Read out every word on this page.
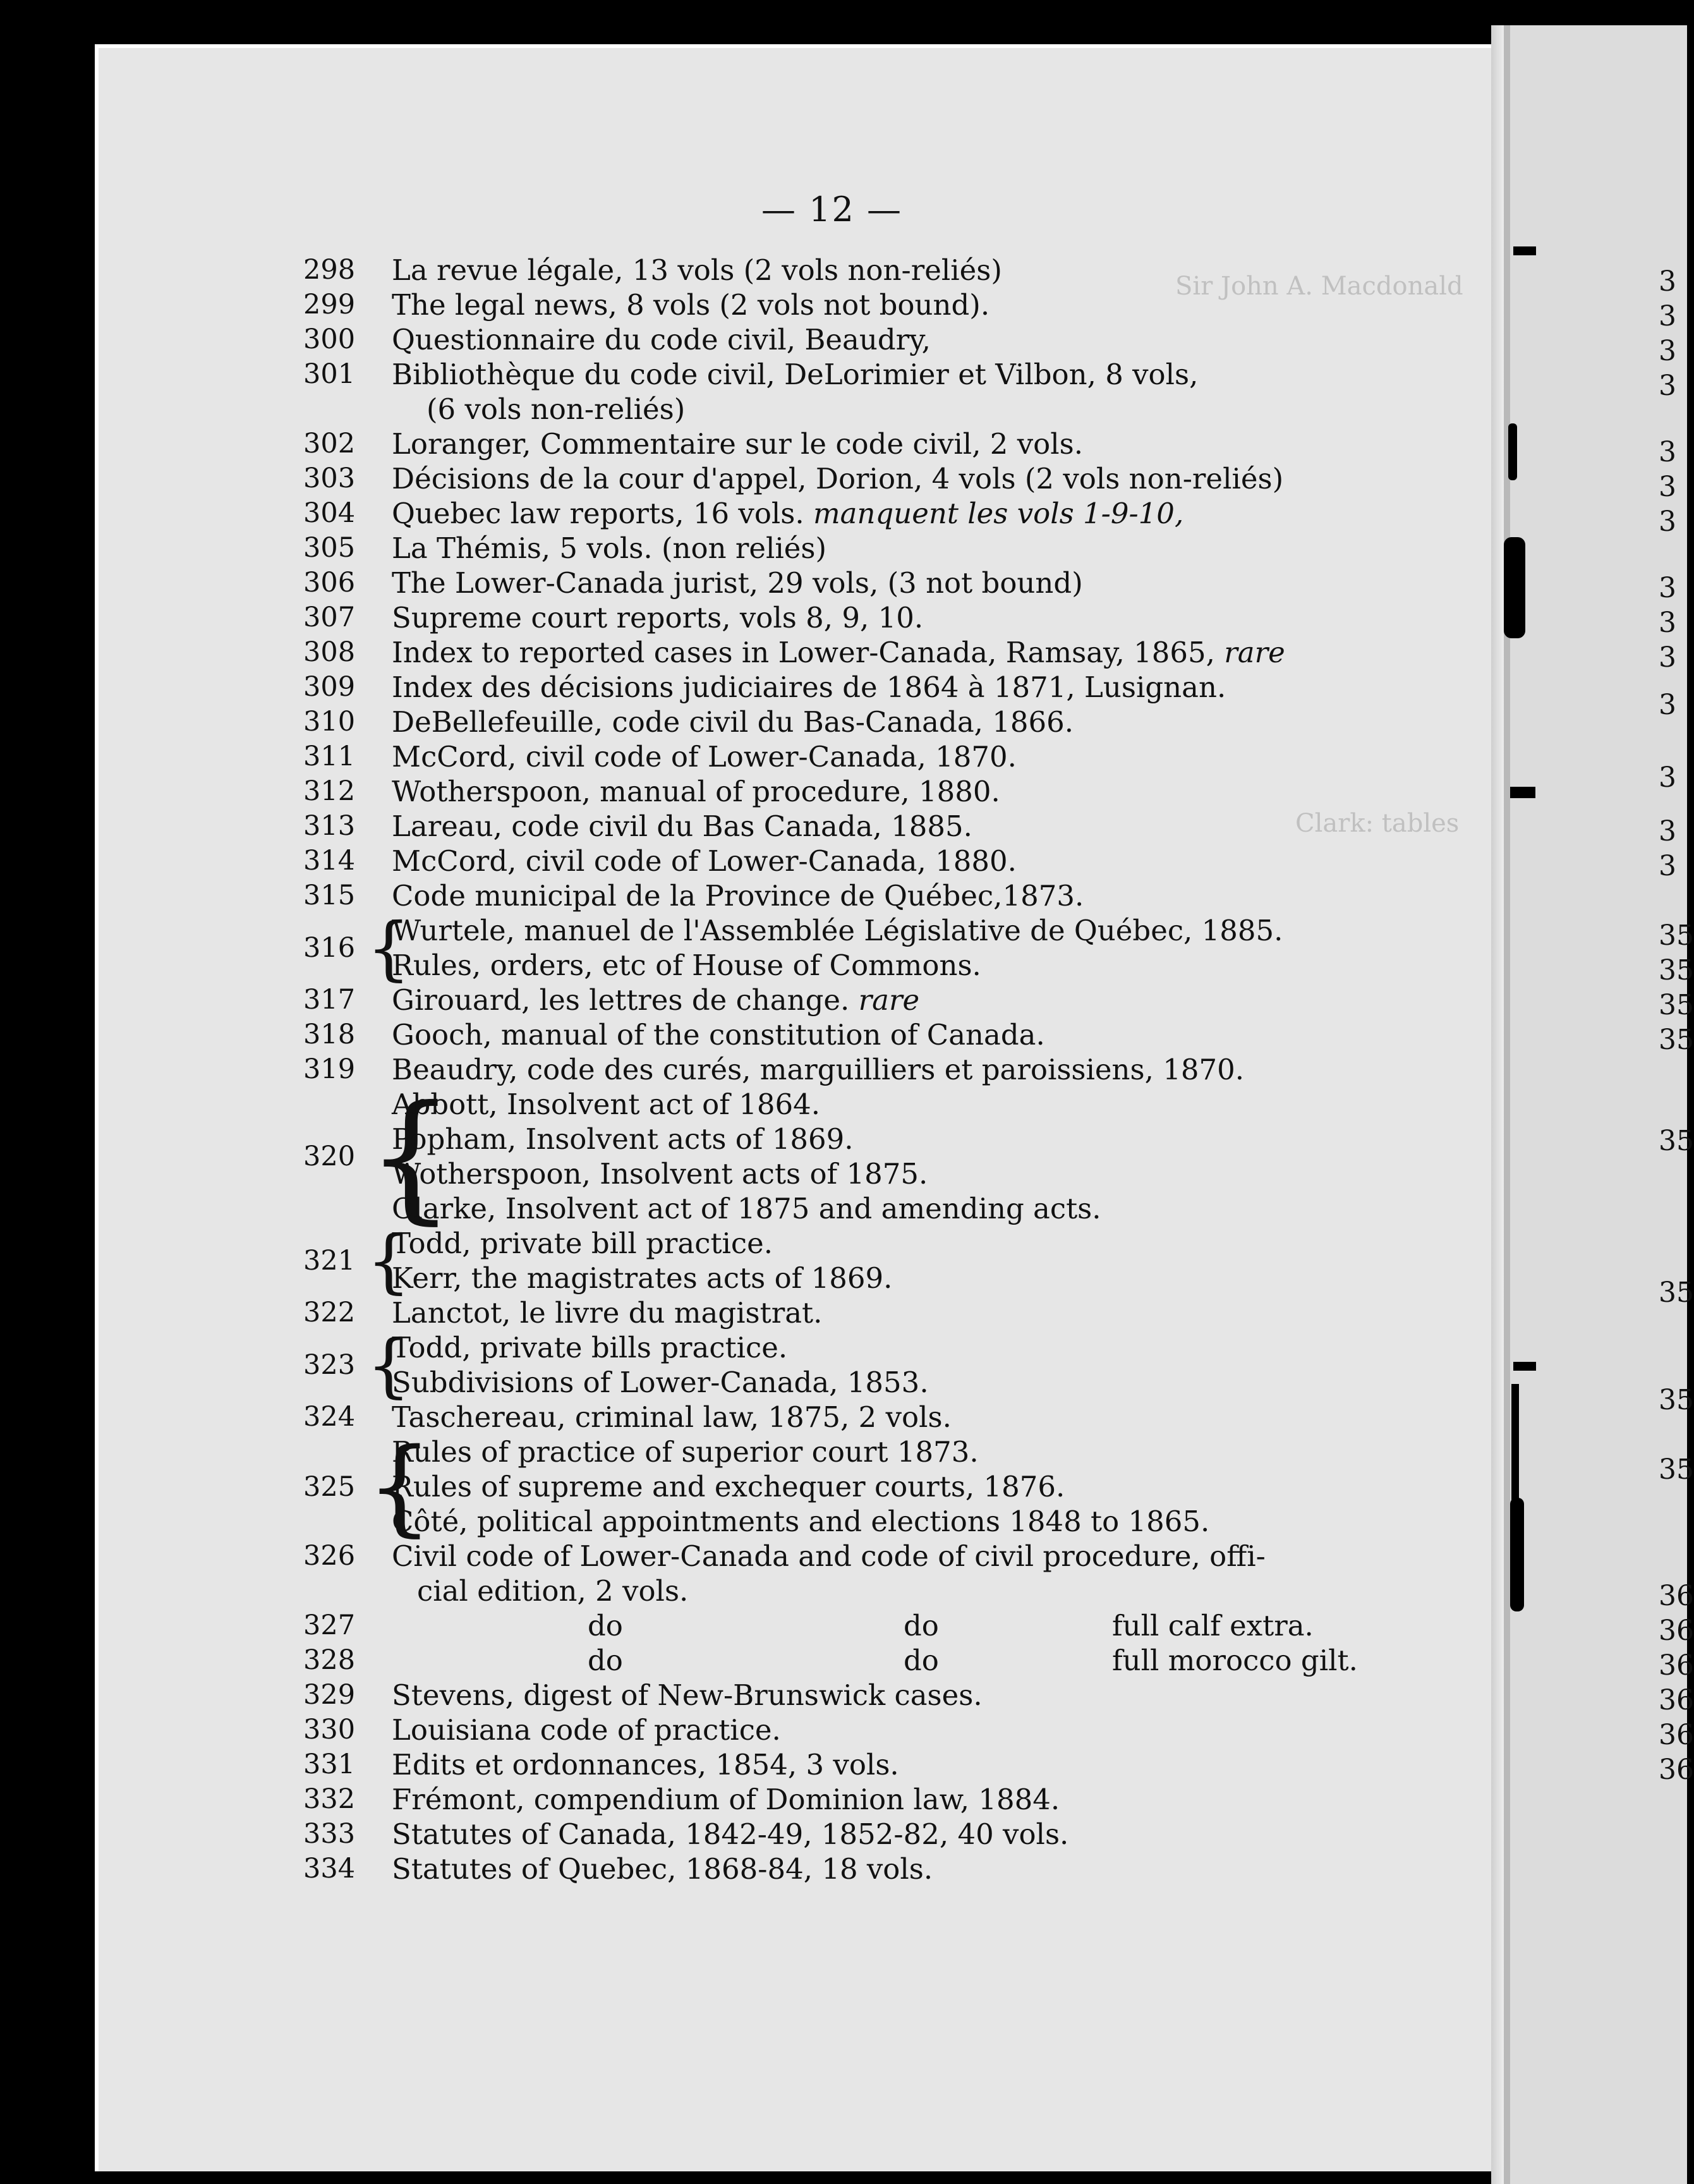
Sir John A. Macdonald
Clark: tables
— 12 —
298	La revue légale, 13 vols (2 vols non-reliés)
299	The legal news, 8 vols (2 vols not bound).
300	Questionnaire du code civil, Beaudry,
301	Bibliothèque du code civil, DeLorimier et Vilbon, 8 vols,
(6 vols non-reliés)
302	Loranger, Commentaire sur le code civil, 2 vols.
303	Décisions de la cour d'appel, Dorion, 4 vols (2 vols non-reliés)
304	Quebec law reports, 16 vols.
manquent les vols 1-9-10,
305	La Thémis, 5 vols. (non reliés)
306	The Lower-Canada jurist, 29 vols, (3 not bound)
307	Supreme court reports, vols 8, 9, 10.
308	Index to reported cases in Lower-Canada, Ramsay, 1865,
rare
309	Index des décisions judiciaires de 1864 à 1871, Lusignan.
310	DeBellefeuille, code civil du Bas-Canada, 1866.
311	McCord, civil code of Lower-Canada, 1870.
312	Wotherspoon, manual of procedure, 1880.
313	Lareau, code civil du Bas Canada, 1885.
314	McCord, civil code of Lower-Canada, 1880.
315	Code municipal de la Province de Québec,1873.
316 {
Wurtele, manuel de l'Assemblée Législative de Québec, 1885.
Rules, orders, etc of House of Commons.
317	Girouard, les lettres de change.
rare
318	Gooch, manual of the constitution of Canada.
319	Beaudry, code des curés, marguilliers et paroissiens, 1870.
320 {
Abbott, Insolvent act of 1864.
Popham, Insolvent acts of 1869.
Wotherspoon, Insolvent acts of 1875.
Clarke, Insolvent act of 1875 and amending acts.
321 {
Todd, private bill practice.
Kerr, the magistrates acts of 1869.
322	Lanctot, le livre du magistrat.
323 {
Todd, private bills practice.
Subdivisions of Lower-Canada, 1853.
324	Taschereau, criminal law, 1875, 2 vols.
325 {
Rules of practice of superior court 1873.
Rules of supreme and exchequer courts, 1876.
Côté, political appointments and elections 1848 to 1865.
326	Civil code of Lower-Canada and code of civil procedure, offi-
cial edition, 2 vols.
327	do	do	full calf extra.
328	do	do	full morocco gilt.
329	Stevens, digest of New-Brunswick cases.
330	Louisiana code of practice.
331	Edits et ordonnances, 1854, 3 vols.
332	Frémont, compendium of Dominion law, 1884.
333	Statutes of Canada, 1842-49, 1852-82, 40 vols.
334	Statutes of Quebec, 1868-84, 18 vols.
3
3
3
3
3
3
3
3
3
3
3
3
3
3
35
35
35
35
35
35
35
35
36
36
36
36
36
36
